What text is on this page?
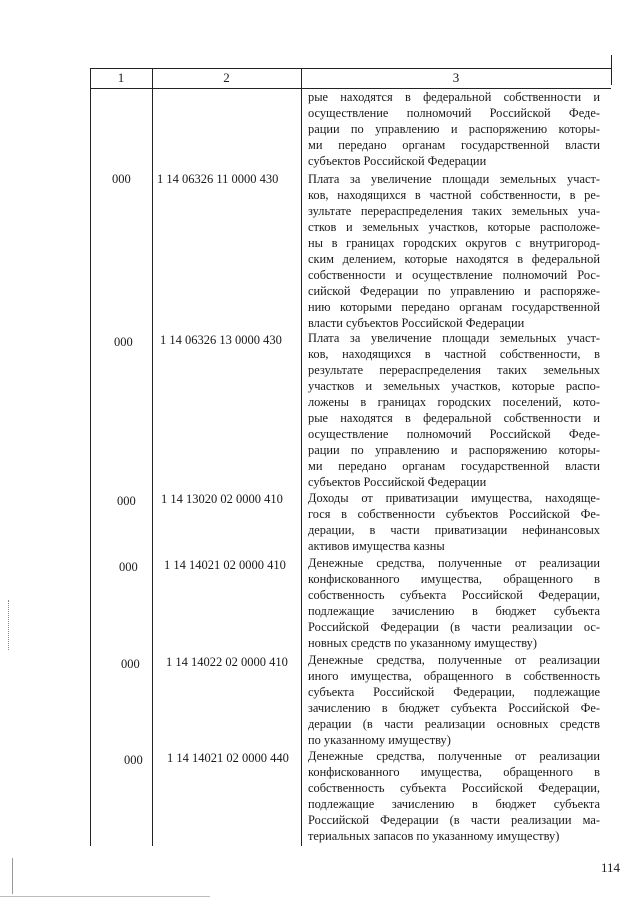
1	2	3
рые находятся в федеральной собственности и
осуществление полномочий Российской Феде-
рации по управлению и распоряжению которы-
ми передано органам государственной власти
субъектов Российской Федерации
000 1 14 06326 11 0000 430 Плата за увеличение площади земельных участ-
ков, находящихся в частной собственности, в ре-
зультате перераспределения таких земельных уча-
стков и земельных участков, которые расположе-
ны в границах городских округов с внутригород-
ским делением, которые находятся в федеральной
собственности и осуществление полномочий Рос-
сийской Федерации по управлению и распоряже-
нию которыми передано органам государственной
власти субъектов Российской Федерации
000 1 14 06326 13 0000 430 Плата за увеличение площади земельных участ-
ков, находящихся в частной собственности, в
результате перераспределения таких земельных
участков и земельных участков, которые распо-
ложены в границах городских поселений, кото-
рые находятся в федеральной собственности и
осуществление полномочий Российской Феде-
рации по управлению и распоряжению которы-
ми передано органам государственной власти
субъектов Российской Федерации
000 1 14 13020 02 0000 410 Доходы от приватизации имущества, находяще-
гося в собственности субъектов Российской Фе-
дерации, в части приватизации нефинансовых
активов имущества казны
000 1 14 14021 02 0000 410 Денежные средства, полученные от реализации
конфискованного имущества, обращенного в
собственность субъекта Российской Федерации,
подлежащие зачислению в бюджет субъекта
Российской Федерации (в части реализации ос-
новных средств по указанному имуществу)
000 1 14 14022 02 0000 410 Денежные средства, полученные от реализации
иного имущества, обращенного в собственность
субъекта Российской Федерации, подлежащие
зачислению в бюджет субъекта Российской Фе-
дерации (в части реализации основных средств
по указанному имуществу)
000 1 14 14021 02 0000 440 Денежные средства, полученные от реализации
конфискованного имущества, обращенного в
собственность субъекта Российской Федерации,
подлежащие зачислению в бюджет субъекта
Российской Федерации (в части реализации ма-
териальных запасов по указанному имуществу)
114
